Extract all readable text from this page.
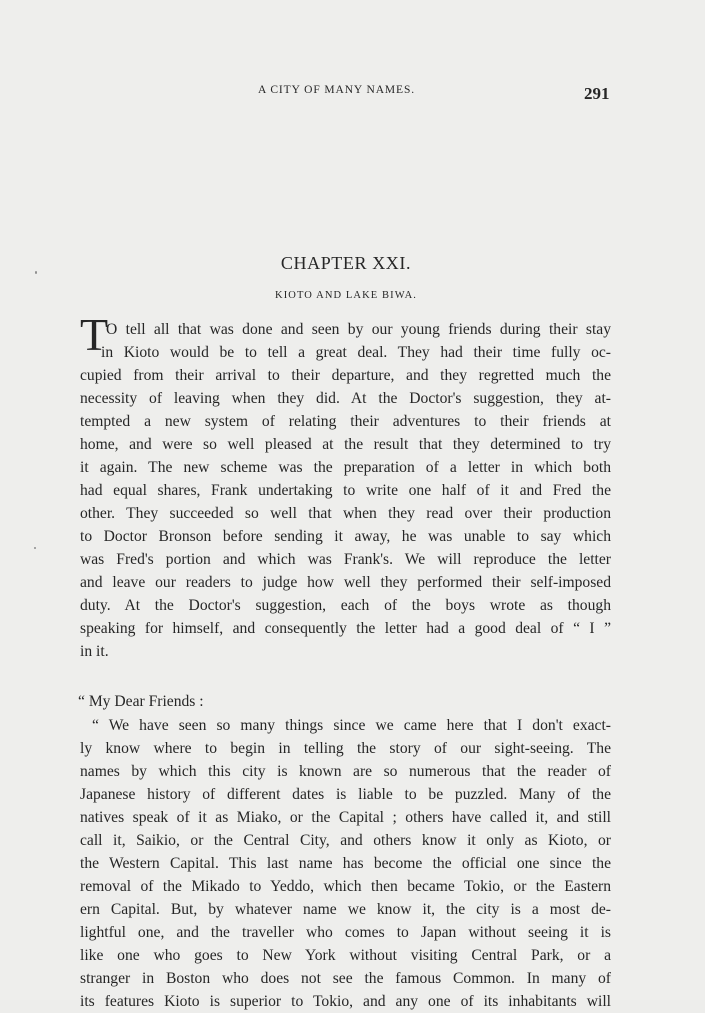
A CITY OF MANY NAMES.	291
CHAPTER XXI.
KIOTO AND LAKE BIWA.
T
O tell all that was done and seen by our young friends during their stay
in Kioto would be to tell a great deal. They had their time fully oc-
cupied from their arrival to their departure, and they regretted much the
necessity of leaving when they did. At the Doctor's suggestion, they at-
tempted a new system of relating their adventures to their friends at
home, and were so well pleased at the result that they determined to try
it again. The new scheme was the preparation of a letter in which both
had equal shares, Frank undertaking to write one half of it and Fred the
other. They succeeded so well that when they read over their production
to Doctor Bronson before sending it away, he was unable to say which
was Fred's portion and which was Frank's. We will reproduce the letter
and leave our readers to judge how well they performed their self-imposed
duty. At the Doctor's suggestion, each of the boys wrote as though
speaking for himself, and consequently the letter had a good deal of “ I ”
in it.
“ My Dear Friends :
“ We have seen so many things since we came here that I don't exact-
ly know where to begin in telling the story of our sight-seeing. The
names by which this city is known are so numerous that the reader of
Japanese history of different dates is liable to be puzzled. Many of the
natives speak of it as Miako, or the Capital ; others have called it, and still
call it, Saikio, or the Central City, and others know it only as Kioto, or
the Western Capital. This last name has become the official one since the
removal of the Mikado to Yeddo, which then became Tokio, or the Eastern
ern Capital. But, by whatever name we know it, the city is a most de-
lightful one, and the traveller who comes to Japan without seeing it is
like one who goes to New York without visiting Central Park, or a
stranger in Boston who does not see the famous Common. In many of
its features Kioto is superior to Tokio, and any one of its inhabitants will
